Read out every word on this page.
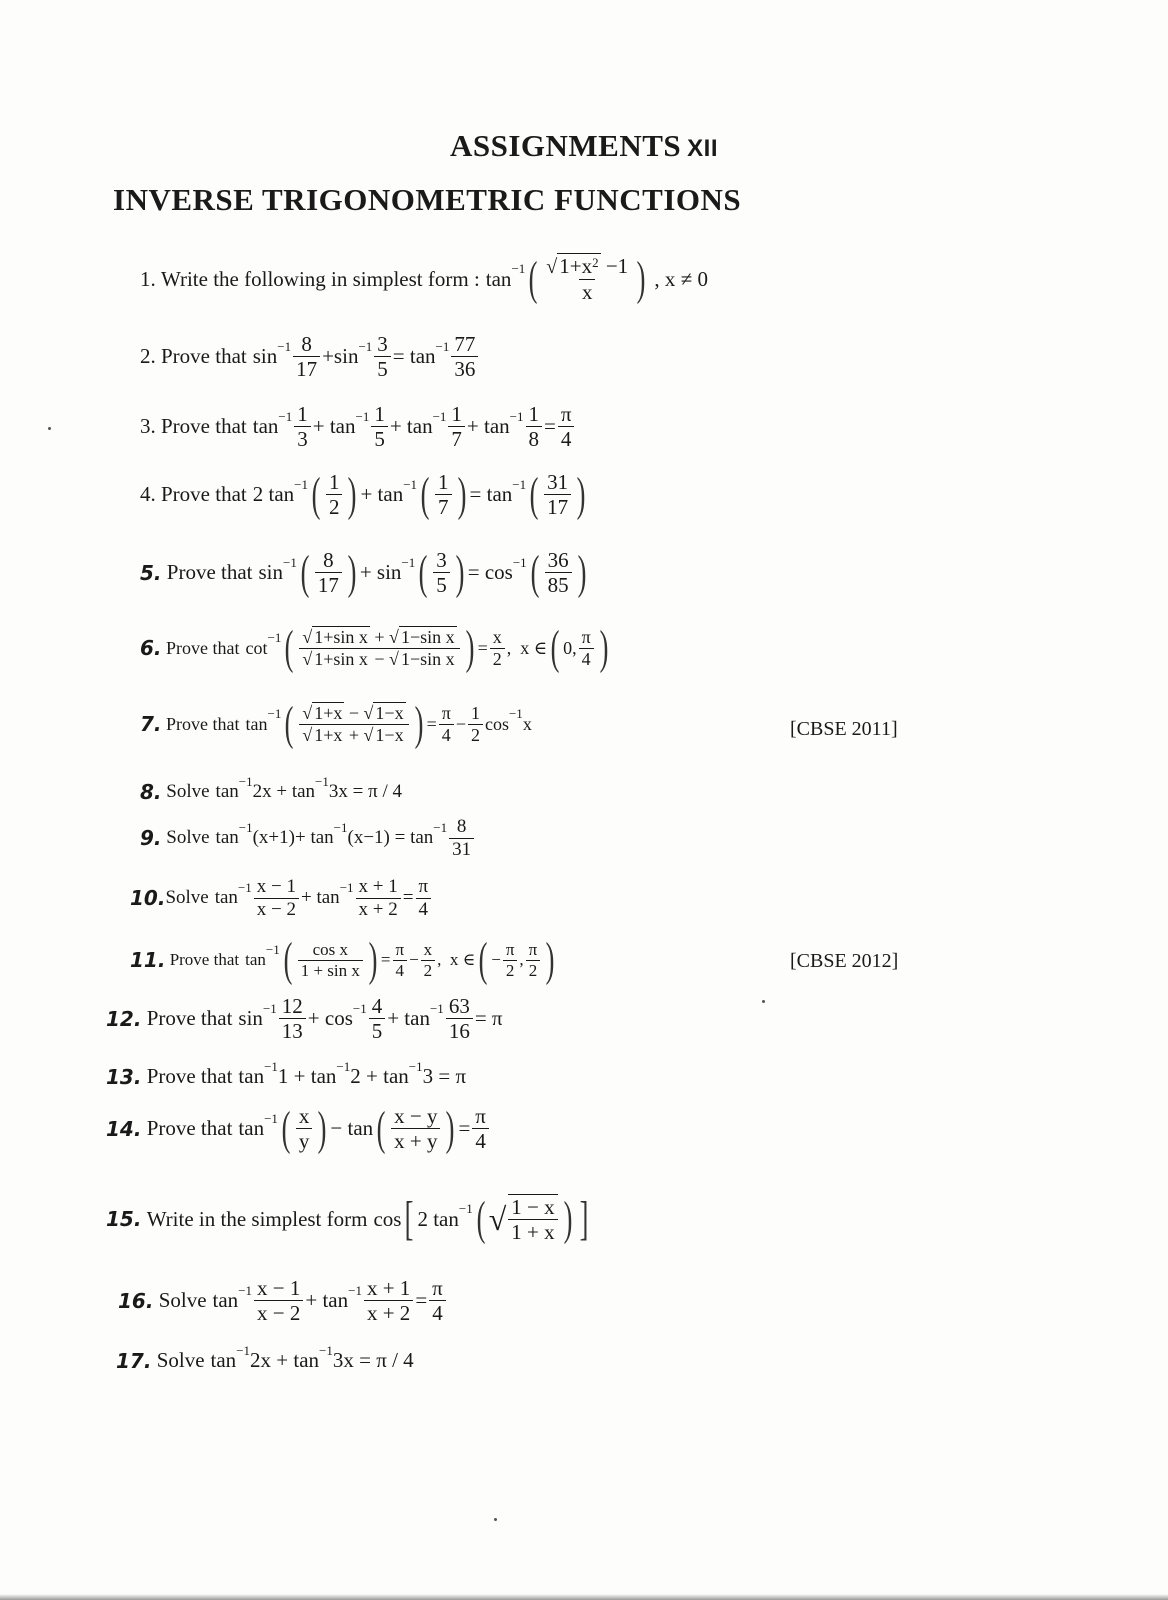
ASSIGNMENTS XII
INVERSE TRIGONOMETRIC FUNCTIONS
1.
Write the following in simplest form : tan −1 ( $√1+x^2 -1$
x ) , x ≠ 0
2.
Prove that sin −1 8
17
+sin −1 3
5
= tan −1 77
36
3.
Prove that tan −1 1
3
+ tan −1 1
5
+ tan −1 1
7
+ tan −1 1
8
=
π
4
4.
Prove that 2 tan −1 ( 1
2 ) + tan −1 ( 1
7 ) = tan −1 ( 31
17 )
5.
Prove that sin −1 ( 8
17 ) + sin −1 ( 3
5 ) = cos −1 ( 36
85 )
6.
Prove that cot −1 ( √ 1+sin x + √ 1−sin x
√ 1+sin x − √ 1−sin x ) =
x
2
,  x ∈ ( 0,
π
4 )
7.
Prove that tan −1 ( √ 1+x − √ 1−x
√ 1+x + √ 1−x ) =
π
4
−
1
2
cos −1 x	[CBSE 2011]
8.
Solve tan −1 2x + tan −1 3x = π / 4
9.
Solve tan −1 (x+1)+ tan −1 (x−1) = tan −1 8
31
10. Solve tan −1 x − 1
x − 2
+ tan −1 x + 1
x + 2
=
π
4
11.
Prove that tan
−1 ( cos x
1 + sin x ) =
π
4
−
x
2
,  x ∈ ( −
π
2
,
π
2 )	[CBSE 2012]
12.
Prove that sin −1 12
13
+ cos −1 4
5
+ tan −1 63
16
= π
13.
Prove that tan −1 1 + tan −1 2 + tan −1 3 = π
14.
Prove that tan −1 ( x
y ) − tan ( x − y
x + y ) =
π
4
15.
Write in the simplest form cos [ 2 tan −1 ( √ 1 − x
1 + x ) ]
16.
Solve tan −1 x − 1
x − 2
+ tan −1 x + 1
x + 2
=
π
4
17.
Solve tan −1 2x + tan −1 3x = π / 4
